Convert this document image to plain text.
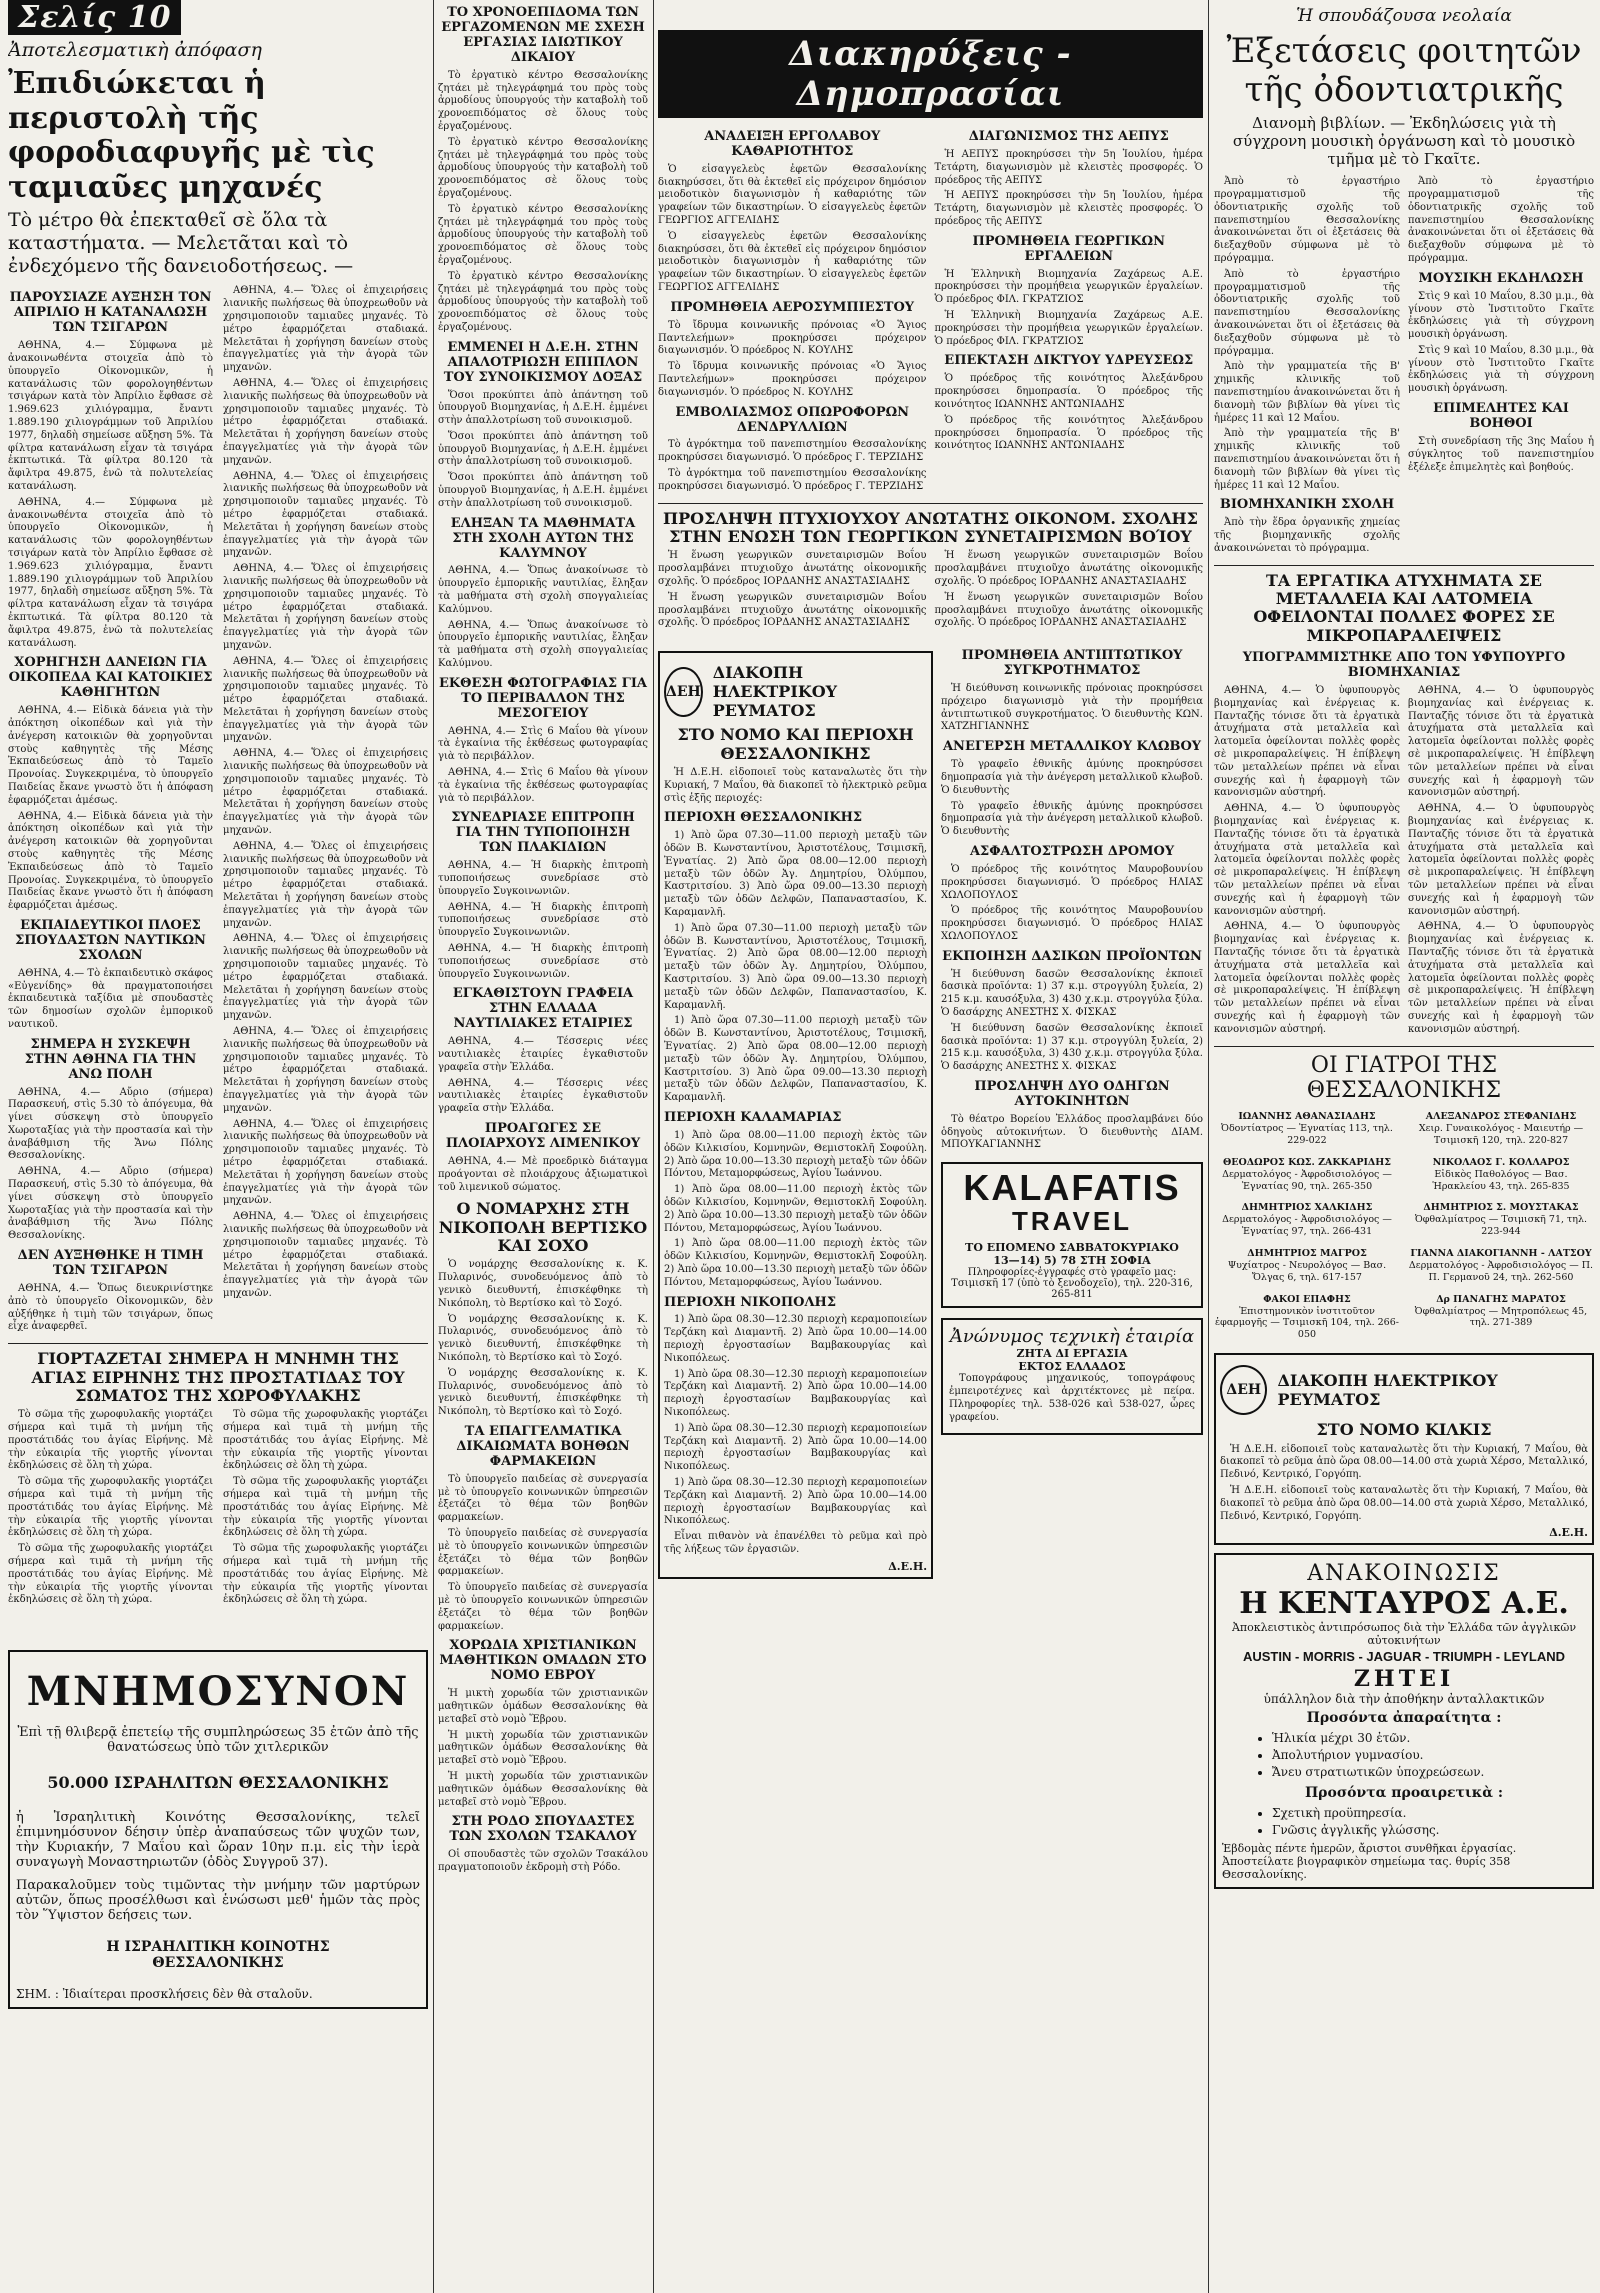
Σελίς 10
Ἀποτελεσματικὴ ἀπόφαση
Ἐπιδιώκεται ἡ περιστολὴ τῆς φοροδιαφυγῆς μὲ τὶς ταμιαῦες μηχανές
Τὸ μέτρο θὰ ἐπεκταθεῖ σὲ ὅλα τὰ καταστήματα. — Μελετᾶται καὶ τὸ ἐνδεχόμενο τῆς δανειοδοτήσεως. —
ΠΑΡΟΥΣΙΑΖΕ ΑΥΞΗΣΗ ΤΟΝ ΑΠΡΙΛΙΟ Η ΚΑΤΑΝΑΛΩΣΗ ΤΩΝ ΤΣΙΓΑΡΩΝ

ΑΘΗΝΑ, 4.— Σύμφωνα μὲ ἀνακοινωθέντα στοιχεῖα ἀπὸ τὸ ὑπουργεῖο Οἰκονομικῶν, ἡ κατανάλωσις τῶν φορολογηθέντων τσιγάρων κατὰ τὸν Ἀπρίλιο ἔφθασε σὲ 1.969.623 χιλιόγραμμα, ἔναντι 1.889.190 χιλιογράμμων τοῦ Ἀπριλίου 1977, δηλαδὴ σημείωσε αὔξηση 5%. Τὰ φίλτρα κατανάλωση εἶχαν τὰ τσιγάρα ἐκπτωτικά. Τὰ φίλτρα 80.120 τὰ ἄφιλτρα 49.875, ἐνῶ τὰ πολυτελείας κατανάλωση.

ΑΘΗΝΑ, 4.— Σύμφωνα μὲ ἀνακοινωθέντα στοιχεῖα ἀπὸ τὸ ὑπουργεῖο Οἰκονομικῶν, ἡ κατανάλωσις τῶν φορολογηθέντων τσιγάρων κατὰ τὸν Ἀπρίλιο ἔφθασε σὲ 1.969.623 χιλιόγραμμα, ἔναντι 1.889.190 χιλιογράμμων τοῦ Ἀπριλίου 1977, δηλαδὴ σημείωσε αὔξηση 5%. Τὰ φίλτρα κατανάλωση εἶχαν τὰ τσιγάρα ἐκπτωτικά. Τὰ φίλτρα 80.120 τὰ ἄφιλτρα 49.875, ἐνῶ τὰ πολυτελείας κατανάλωση.

ΧΟΡΗΓΗΣΗ ΔΑΝΕΙΩΝ ΓΙΑ ΟΙΚΟΠΕΔΑ ΚΑΙ ΚΑΤΟΙΚΙΕΣ ΚΑΘΗΓΗΤΩΝ

ΑΘΗΝΑ, 4.— Εἰδικὰ δάνεια γιὰ τὴν ἀπόκτηση οἰκοπέδων καὶ γιὰ τὴν ἀνέγερση κατοικιῶν θὰ χορηγοῦνται στοὺς καθηγητὲς τῆς Μέσης Ἐκπαιδεύσεως ἀπὸ τὸ Ταμεῖο Προνοίας. Συγκεκριμένα, τὸ ὑπουργεῖο Παιδείας ἔκανε γνωστὸ ὅτι ἡ ἀπόφαση ἐφαρμόζεται ἀμέσως.

ΑΘΗΝΑ, 4.— Εἰδικὰ δάνεια γιὰ τὴν ἀπόκτηση οἰκοπέδων καὶ γιὰ τὴν ἀνέγερση κατοικιῶν θὰ χορηγοῦνται στοὺς καθηγητὲς τῆς Μέσης Ἐκπαιδεύσεως ἀπὸ τὸ Ταμεῖο Προνοίας. Συγκεκριμένα, τὸ ὑπουργεῖο Παιδείας ἔκανε γνωστὸ ὅτι ἡ ἀπόφαση ἐφαρμόζεται ἀμέσως.

ΕΚΠΑΙΔΕΥΤΙΚΟΙ ΠΛΟΕΣ ΣΠΟΥΔΑΣΤΩΝ ΝΑΥΤΙΚΩΝ ΣΧΟΛΩΝ

ΑΘΗΝΑ, 4.— Τὸ ἐκπαιδευτικὸ σκάφος «Εὐγενίδης» θὰ πραγματοποιήσει ἐκπαιδευτικὰ ταξίδια μὲ σπουδαστὲς τῶν δημοσίων σχολῶν ἐμπορικοῦ ναυτικοῦ.

ΣΗΜΕΡΑ Η ΣΥΣΚΕΨΗ ΣΤΗΝ ΑΘΗΝΑ ΓΙΑ ΤΗΝ ΑΝΩ ΠΟΛΗ

ΑΘΗΝΑ, 4.— Αὔριο (σήμερα) Παρασκευή, στὶς 5.30 τὸ ἀπόγευμα, θὰ γίνει σύσκεψη στὸ ὑπουργεῖο Χωροταξίας γιὰ τὴν προστασία καὶ τὴν ἀναβάθμιση τῆς Ἄνω Πόλης Θεσσαλονίκης.

ΑΘΗΝΑ, 4.— Αὔριο (σήμερα) Παρασκευή, στὶς 5.30 τὸ ἀπόγευμα, θὰ γίνει σύσκεψη στὸ ὑπουργεῖο Χωροταξίας γιὰ τὴν προστασία καὶ τὴν ἀναβάθμιση τῆς Ἄνω Πόλης Θεσσαλονίκης.

ΔΕΝ ΑΥΞΗΘΗΚΕ Η ΤΙΜΗ ΤΩΝ ΤΣΙΓΑΡΩΝ

ΑΘΗΝΑ, 4.— Ὅπως διευκρινίστηκε ἀπὸ τὸ ὑπουργεῖο Οἰκονομικῶν, δὲν αὐξήθηκε ἡ τιμὴ τῶν τσιγάρων, ὅπως εἶχε ἀναφερθεῖ.

ΑΘΗΝΑ, 4.— Ὅλες οἱ ἐπιχειρήσεις λιανικῆς πωλήσεως θὰ ὑποχρεωθοῦν νὰ χρησιμοποιοῦν ταμιαῦες μηχανές. Τὸ μέτρο ἐφαρμόζεται σταδιακά. Μελετᾶται ἡ χορήγηση δανείων στοὺς ἐπαγγελματίες γιὰ τὴν ἀγορὰ τῶν μηχανῶν.

ΑΘΗΝΑ, 4.— Ὅλες οἱ ἐπιχειρήσεις λιανικῆς πωλήσεως θὰ ὑποχρεωθοῦν νὰ χρησιμοποιοῦν ταμιαῦες μηχανές. Τὸ μέτρο ἐφαρμόζεται σταδιακά. Μελετᾶται ἡ χορήγηση δανείων στοὺς ἐπαγγελματίες γιὰ τὴν ἀγορὰ τῶν μηχανῶν.

ΑΘΗΝΑ, 4.— Ὅλες οἱ ἐπιχειρήσεις λιανικῆς πωλήσεως θὰ ὑποχρεωθοῦν νὰ χρησιμοποιοῦν ταμιαῦες μηχανές. Τὸ μέτρο ἐφαρμόζεται σταδιακά. Μελετᾶται ἡ χορήγηση δανείων στοὺς ἐπαγγελματίες γιὰ τὴν ἀγορὰ τῶν μηχανῶν.

ΑΘΗΝΑ, 4.— Ὅλες οἱ ἐπιχειρήσεις λιανικῆς πωλήσεως θὰ ὑποχρεωθοῦν νὰ χρησιμοποιοῦν ταμιαῦες μηχανές. Τὸ μέτρο ἐφαρμόζεται σταδιακά. Μελετᾶται ἡ χορήγηση δανείων στοὺς ἐπαγγελματίες γιὰ τὴν ἀγορὰ τῶν μηχανῶν.

ΑΘΗΝΑ, 4.— Ὅλες οἱ ἐπιχειρήσεις λιανικῆς πωλήσεως θὰ ὑποχρεωθοῦν νὰ χρησιμοποιοῦν ταμιαῦες μηχανές. Τὸ μέτρο ἐφαρμόζεται σταδιακά. Μελετᾶται ἡ χορήγηση δανείων στοὺς ἐπαγγελματίες γιὰ τὴν ἀγορὰ τῶν μηχανῶν.

ΑΘΗΝΑ, 4.— Ὅλες οἱ ἐπιχειρήσεις λιανικῆς πωλήσεως θὰ ὑποχρεωθοῦν νὰ χρησιμοποιοῦν ταμιαῦες μηχανές. Τὸ μέτρο ἐφαρμόζεται σταδιακά. Μελετᾶται ἡ χορήγηση δανείων στοὺς ἐπαγγελματίες γιὰ τὴν ἀγορὰ τῶν μηχανῶν.

ΑΘΗΝΑ, 4.— Ὅλες οἱ ἐπιχειρήσεις λιανικῆς πωλήσεως θὰ ὑποχρεωθοῦν νὰ χρησιμοποιοῦν ταμιαῦες μηχανές. Τὸ μέτρο ἐφαρμόζεται σταδιακά. Μελετᾶται ἡ χορήγηση δανείων στοὺς ἐπαγγελματίες γιὰ τὴν ἀγορὰ τῶν μηχανῶν.

ΑΘΗΝΑ, 4.— Ὅλες οἱ ἐπιχειρήσεις λιανικῆς πωλήσεως θὰ ὑποχρεωθοῦν νὰ χρησιμοποιοῦν ταμιαῦες μηχανές. Τὸ μέτρο ἐφαρμόζεται σταδιακά. Μελετᾶται ἡ χορήγηση δανείων στοὺς ἐπαγγελματίες γιὰ τὴν ἀγορὰ τῶν μηχανῶν.

ΑΘΗΝΑ, 4.— Ὅλες οἱ ἐπιχειρήσεις λιανικῆς πωλήσεως θὰ ὑποχρεωθοῦν νὰ χρησιμοποιοῦν ταμιαῦες μηχανές. Τὸ μέτρο ἐφαρμόζεται σταδιακά. Μελετᾶται ἡ χορήγηση δανείων στοὺς ἐπαγγελματίες γιὰ τὴν ἀγορὰ τῶν μηχανῶν.

ΑΘΗΝΑ, 4.— Ὅλες οἱ ἐπιχειρήσεις λιανικῆς πωλήσεως θὰ ὑποχρεωθοῦν νὰ χρησιμοποιοῦν ταμιαῦες μηχανές. Τὸ μέτρο ἐφαρμόζεται σταδιακά. Μελετᾶται ἡ χορήγηση δανείων στοὺς ἐπαγγελματίες γιὰ τὴν ἀγορὰ τῶν μηχανῶν.

ΑΘΗΝΑ, 4.— Ὅλες οἱ ἐπιχειρήσεις λιανικῆς πωλήσεως θὰ ὑποχρεωθοῦν νὰ χρησιμοποιοῦν ταμιαῦες μηχανές. Τὸ μέτρο ἐφαρμόζεται σταδιακά. Μελετᾶται ἡ χορήγηση δανείων στοὺς ἐπαγγελματίες γιὰ τὴν ἀγορὰ τῶν μηχανῶν.

ΓΙΟΡΤΑΖΕΤΑΙ ΣΗΜΕΡΑ Η ΜΝΗΜΗ ΤΗΣ ΑΓΙΑΣ ΕΙΡΗΝΗΣ ΤΗΣ ΠΡΟΣΤΑΤΙΔΑΣ ΤΟΥ ΣΩΜΑΤΟΣ ΤΗΣ ΧΩΡΟΦΥΛΑΚΗΣ

Τὸ σῶμα τῆς χωροφυλακῆς γιορτάζει σήμερα καὶ τιμᾶ τὴ μνήμη τῆς προστάτιδάς του ἁγίας Εἰρήνης. Μὲ τὴν εὐκαιρία τῆς γιορτῆς γίνονται ἐκδηλώσεις σὲ ὅλη τὴ χώρα.

Τὸ σῶμα τῆς χωροφυλακῆς γιορτάζει σήμερα καὶ τιμᾶ τὴ μνήμη τῆς προστάτιδάς του ἁγίας Εἰρήνης. Μὲ τὴν εὐκαιρία τῆς γιορτῆς γίνονται ἐκδηλώσεις σὲ ὅλη τὴ χώρα.

Τὸ σῶμα τῆς χωροφυλακῆς γιορτάζει σήμερα καὶ τιμᾶ τὴ μνήμη τῆς προστάτιδάς του ἁγίας Εἰρήνης. Μὲ τὴν εὐκαιρία τῆς γιορτῆς γίνονται ἐκδηλώσεις σὲ ὅλη τὴ χώρα.

Τὸ σῶμα τῆς χωροφυλακῆς γιορτάζει σήμερα καὶ τιμᾶ τὴ μνήμη τῆς προστάτιδάς του ἁγίας Εἰρήνης. Μὲ τὴν εὐκαιρία τῆς γιορτῆς γίνονται ἐκδηλώσεις σὲ ὅλη τὴ χώρα.

Τὸ σῶμα τῆς χωροφυλακῆς γιορτάζει σήμερα καὶ τιμᾶ τὴ μνήμη τῆς προστάτιδάς του ἁγίας Εἰρήνης. Μὲ τὴν εὐκαιρία τῆς γιορτῆς γίνονται ἐκδηλώσεις σὲ ὅλη τὴ χώρα.

Τὸ σῶμα τῆς χωροφυλακῆς γιορτάζει σήμερα καὶ τιμᾶ τὴ μνήμη τῆς προστάτιδάς του ἁγίας Εἰρήνης. Μὲ τὴν εὐκαιρία τῆς γιορτῆς γίνονται ἐκδηλώσεις σὲ ὅλη τὴ χώρα.

ΜΝΗΜΟΣΥΝΟΝ
Ἐπὶ τῇ θλιβερᾷ ἐπετείῳ τῆς συμπληρώσεως 35 ἐτῶν ἀπὸ τῆς θανατώσεως ὑπὸ τῶν χιτλερικῶν
50.000 ΙΣΡΑΗΛΙΤΩΝ ΘΕΣΣΑΛΟΝΙΚΗΣ
ἡ Ἰσραηλιτικὴ Κοινότης Θεσσαλονίκης, τελεῖ ἐπιμνημόσυνον δέησιν ὑπὲρ ἀναπαύσεως τῶν ψυχῶν των, τὴν Κυριακήν, 7 Μαΐου καὶ ὥραν 10ην π.μ. εἰς τὴν ἱερὰ συναγωγὴ Μοναστηριωτῶν (ὁδὸς Συγγροῦ 37).
Παρακαλοῦμεν τοὺς τιμῶντας τὴν μνήμην τῶν μαρτύρων αὐτῶν, ὅπως προσέλθωσι καὶ ἑνώσωσι μεθ' ἡμῶν τὰς πρὸς τὸν Ὕψιστον δεήσεις των.
Η ΙΣΡΑΗΛΙΤΙΚΗ ΚΟΙΝΟΤΗΣ ΘΕΣΣΑΛΟΝΙΚΗΣ
ΣΗΜ. : Ἰδιαίτεραι προσκλήσεις δὲν θὰ σταλοῦν.
ΤΟ ΧΡΟΝΟΕΠΙΔΟΜΑ ΤΩΝ ΕΡΓΑΖΟΜΕΝΩΝ ΜΕ ΣΧΕΣΗ ΕΡΓΑΣΙΑΣ ΙΔΙΩΤΙΚΟΥ ΔΙΚΑΙΟΥ

Τὸ ἐργατικὸ κέντρο Θεσσαλονίκης ζητάει μὲ τηλεγράφημά του πρὸς τοὺς ἁρμοδίους ὑπουργούς τὴν καταβολὴ τοῦ χρονοεπιδόματος σὲ ὅλους τοὺς ἐργαζομένους.

Τὸ ἐργατικὸ κέντρο Θεσσαλονίκης ζητάει μὲ τηλεγράφημά του πρὸς τοὺς ἁρμοδίους ὑπουργούς τὴν καταβολὴ τοῦ χρονοεπιδόματος σὲ ὅλους τοὺς ἐργαζομένους.

Τὸ ἐργατικὸ κέντρο Θεσσαλονίκης ζητάει μὲ τηλεγράφημά του πρὸς τοὺς ἁρμοδίους ὑπουργούς τὴν καταβολὴ τοῦ χρονοεπιδόματος σὲ ὅλους τοὺς ἐργαζομένους.

Τὸ ἐργατικὸ κέντρο Θεσσαλονίκης ζητάει μὲ τηλεγράφημά του πρὸς τοὺς ἁρμοδίους ὑπουργούς τὴν καταβολὴ τοῦ χρονοεπιδόματος σὲ ὅλους τοὺς ἐργαζομένους.

ΕΜΜΕΝΕΙ Η Δ.Ε.Η. ΣΤΗΝ ΑΠΑΛΟΤΡΙΩΣΗ ΕΠΙΠΛΟΝ ΤΟΥ ΣΥΝΟΙΚΙΣΜΟΥ ΔΟΞΑΣ

Ὅσοι προκύπτει ἀπὸ ἀπάντηση τοῦ ὑπουργοῦ Βιομηχανίας, ἡ Δ.Ε.Η. ἐμμένει στὴν ἀπαλλοτρίωση τοῦ συνοικισμοῦ.

Ὅσοι προκύπτει ἀπὸ ἀπάντηση τοῦ ὑπουργοῦ Βιομηχανίας, ἡ Δ.Ε.Η. ἐμμένει στὴν ἀπαλλοτρίωση τοῦ συνοικισμοῦ.

Ὅσοι προκύπτει ἀπὸ ἀπάντηση τοῦ ὑπουργοῦ Βιομηχανίας, ἡ Δ.Ε.Η. ἐμμένει στὴν ἀπαλλοτρίωση τοῦ συνοικισμοῦ.

ΕΛΗΞΑΝ ΤΑ ΜΑΘΗΜΑΤΑ ΣΤΗ ΣΧΟΛΗ ΑΥΤΩΝ ΤΗΣ ΚΑΛΥΜΝΟΥ

ΑΘΗΝΑ, 4.— Ὅπως ἀνακοίνωσε τὸ ὑπουργεῖο ἐμπορικῆς ναυτιλίας, ἔληξαν τὰ μαθήματα στὴ σχολὴ σπογγαλιείας Καλύμνου.

ΑΘΗΝΑ, 4.— Ὅπως ἀνακοίνωσε τὸ ὑπουργεῖο ἐμπορικῆς ναυτιλίας, ἔληξαν τὰ μαθήματα στὴ σχολὴ σπογγαλιείας Καλύμνου.

ΕΚΘΕΣΗ ΦΩΤΟΓΡΑΦΙΑΣ ΓΙΑ ΤΟ ΠΕΡΙΒΑΛΛΟΝ ΤΗΣ ΜΕΣΟΓΕΙΟΥ

ΑΘΗΝΑ, 4.— Στὶς 6 Μαΐου θὰ γίνουν τὰ ἐγκαίνια τῆς ἐκθέσεως φωτογραφίας γιὰ τὸ περιβάλλον.

ΑΘΗΝΑ, 4.— Στὶς 6 Μαΐου θὰ γίνουν τὰ ἐγκαίνια τῆς ἐκθέσεως φωτογραφίας γιὰ τὸ περιβάλλον.

ΣΥΝΕΔΡΙΑΣΕ ΕΠΙΤΡΟΠΗ ΓΙΑ ΤΗΝ ΤΥΠΟΠΟΙΗΣΗ ΤΩΝ ΠΛΑΚΙΔΙΩΝ

ΑΘΗΝΑ, 4.— Ἡ διαρκὴς ἐπιτροπὴ τυποποιήσεως συνεδρίασε στὸ ὑπουργεῖο Συγκοινωνιῶν.

ΑΘΗΝΑ, 4.— Ἡ διαρκὴς ἐπιτροπὴ τυποποιήσεως συνεδρίασε στὸ ὑπουργεῖο Συγκοινωνιῶν.

ΑΘΗΝΑ, 4.— Ἡ διαρκὴς ἐπιτροπὴ τυποποιήσεως συνεδρίασε στὸ ὑπουργεῖο Συγκοινωνιῶν.

ΕΓΚΑΘΙΣΤΟΥΝ ΓΡΑΦΕΙΑ ΣΤΗΝ ΕΛΛΑΔΑ ΝΑΥΤΙΛΙΑΚΕΣ ΕΤΑΙΡΙΕΣ

ΑΘΗΝΑ, 4.— Τέσσερις νέες ναυτιλιακὲς ἑταιρίες ἐγκαθιστοῦν γραφεῖα στὴν Ἑλλάδα.

ΑΘΗΝΑ, 4.— Τέσσερις νέες ναυτιλιακὲς ἑταιρίες ἐγκαθιστοῦν γραφεῖα στὴν Ἑλλάδα.

ΠΡΟΑΓΩΓΕΣ ΣΕ ΠΛΟΙΑΡΧΟΥΣ ΛΙΜΕΝΙΚΟΥ

ΑΘΗΝΑ, 4.— Μὲ προεδρικὸ διάταγμα προάγονται σὲ πλοιάρχους ἀξιωματικοὶ τοῦ λιμενικοῦ σώματος.

Ο ΝΟΜΑΡΧΗΣ ΣΤΗ ΝΙΚΟΠΟΛΗ ΒΕΡΤΙΣΚΟ ΚΑΙ ΣΟΧΟ

Ὁ νομάρχης Θεσσαλονίκης κ. Κ. Πυλαρινός, συνοδευόμενος ἀπὸ τὸ γενικὸ διευθυντή, ἐπισκέφθηκε τὴ Νικόπολη, τὸ Βερτίσκο καὶ τὸ Σοχό.

Ὁ νομάρχης Θεσσαλονίκης κ. Κ. Πυλαρινός, συνοδευόμενος ἀπὸ τὸ γενικὸ διευθυντή, ἐπισκέφθηκε τὴ Νικόπολη, τὸ Βερτίσκο καὶ τὸ Σοχό.

Ὁ νομάρχης Θεσσαλονίκης κ. Κ. Πυλαρινός, συνοδευόμενος ἀπὸ τὸ γενικὸ διευθυντή, ἐπισκέφθηκε τὴ Νικόπολη, τὸ Βερτίσκο καὶ τὸ Σοχό.

ΤΑ ΕΠΑΓΓΕΛΜΑΤΙΚΑ ΔΙΚΑΙΩΜΑΤΑ ΒΟΗΘΩΝ ΦΑΡΜΑΚΕΙΩΝ

Τὸ ὑπουργεῖο παιδείας σὲ συνεργασία μὲ τὸ ὑπουργεῖο κοινωνικῶν ὑπηρεσιῶν ἐξετάζει τὸ θέμα τῶν βοηθῶν φαρμακείων.

Τὸ ὑπουργεῖο παιδείας σὲ συνεργασία μὲ τὸ ὑπουργεῖο κοινωνικῶν ὑπηρεσιῶν ἐξετάζει τὸ θέμα τῶν βοηθῶν φαρμακείων.

Τὸ ὑπουργεῖο παιδείας σὲ συνεργασία μὲ τὸ ὑπουργεῖο κοινωνικῶν ὑπηρεσιῶν ἐξετάζει τὸ θέμα τῶν βοηθῶν φαρμακείων.

ΧΟΡΩΔΙΑ ΧΡΙΣΤΙΑΝΙΚΩΝ ΜΑΘΗΤΙΚΩΝ ΟΜΑΔΩΝ ΣΤΟ ΝΟΜΟ ΕΒΡΟΥ

Ἡ μικτὴ χορωδία τῶν χριστιανικῶν μαθητικῶν ὁμάδων Θεσσαλονίκης θὰ μεταβεῖ στὸ νομὸ Ἕβρου.

Ἡ μικτὴ χορωδία τῶν χριστιανικῶν μαθητικῶν ὁμάδων Θεσσαλονίκης θὰ μεταβεῖ στὸ νομὸ Ἕβρου.

Ἡ μικτὴ χορωδία τῶν χριστιανικῶν μαθητικῶν ὁμάδων Θεσσαλονίκης θὰ μεταβεῖ στὸ νομὸ Ἕβρου.

ΣΤΗ ΡΟΔΟ ΣΠΟΥΔΑΣΤΕΣ ΤΩΝ ΣΧΟΛΩΝ ΤΣΑΚΑΛΟΥ

Οἱ σπουδαστὲς τῶν σχολῶν Τσακάλου πραγματοποιοῦν ἐκδρομὴ στὴ Ρόδο.

Διακηρύξεις - Δημοπρασίαι
ΑΝΑΔΕΙΞΗ ΕΡΓΟΛΑΒΟΥ ΚΑΘΑΡΙΟΤΗΤΟΣ

Ὁ εἰσαγγελεὺς ἐφετῶν Θεσσαλονίκης διακηρύσσει, ὅτι θὰ ἐκτεθεῖ εἰς πρόχειρον δημόσιον μειοδοτικὸν διαγωνισμὸν ἡ καθαριότης τῶν γραφείων τῶν δικαστηρίων. Ὁ εἰσαγγελεὺς ἐφετῶν ΓΕΩΡΓΙΟΣ ΑΓΓΕΛΙΔΗΣ

Ὁ εἰσαγγελεὺς ἐφετῶν Θεσσαλονίκης διακηρύσσει, ὅτι θὰ ἐκτεθεῖ εἰς πρόχειρον δημόσιον μειοδοτικὸν διαγωνισμὸν ἡ καθαριότης τῶν γραφείων τῶν δικαστηρίων. Ὁ εἰσαγγελεὺς ἐφετῶν ΓΕΩΡΓΙΟΣ ΑΓΓΕΛΙΔΗΣ

ΠΡΟΜΗΘΕΙΑ ΑΕΡΟΣΥΜΠΙΕΣΤΟΥ

Τὸ ἴδρυμα κοινωνικῆς πρόνοιας «Ὁ Ἅγιος Παντελεήμων» προκηρύσσει πρόχειρον διαγωνισμόν. Ὁ πρόεδρος Ν. ΚΟΥΛΗΣ

Τὸ ἴδρυμα κοινωνικῆς πρόνοιας «Ὁ Ἅγιος Παντελεήμων» προκηρύσσει πρόχειρον διαγωνισμόν. Ὁ πρόεδρος Ν. ΚΟΥΛΗΣ

ΕΜΒΟΛΙΑΣΜΟΣ ΟΠΩΡΟΦΟΡΩΝ ΔΕΝΔΡΥΛΛΙΩΝ

Τὸ ἀγρόκτημα τοῦ πανεπιστημίου Θεσσαλονίκης προκηρύσσει διαγωνισμό. Ὁ πρόεδρος Γ. ΤΕΡΖΙΔΗΣ

Τὸ ἀγρόκτημα τοῦ πανεπιστημίου Θεσσαλονίκης προκηρύσσει διαγωνισμό. Ὁ πρόεδρος Γ. ΤΕΡΖΙΔΗΣ

ΔΙΑΓΩΝΙΣΜΟΣ ΤΗΣ ΑΕΠΥΣ

Ἡ ΑΕΠΥΣ προκηρύσσει τὴν 5η Ἰουλίου, ἡμέρα Τετάρτη, διαγωνισμὸν μὲ κλειστὲς προσφορές. Ὁ πρόεδρος τῆς ΑΕΠΥΣ

Ἡ ΑΕΠΥΣ προκηρύσσει τὴν 5η Ἰουλίου, ἡμέρα Τετάρτη, διαγωνισμὸν μὲ κλειστὲς προσφορές. Ὁ πρόεδρος τῆς ΑΕΠΥΣ

ΠΡΟΜΗΘΕΙΑ ΓΕΩΡΓΙΚΩΝ ΕΡΓΑΛΕΙΩΝ

Ἡ Ἑλληνικὴ Βιομηχανία Ζαχάρεως Α.Ε. προκηρύσσει τὴν προμήθεια γεωργικῶν ἐργαλείων. Ὁ πρόεδρος ΦΙΛ. ΓΚΡΑΤΖΙΟΣ

Ἡ Ἑλληνικὴ Βιομηχανία Ζαχάρεως Α.Ε. προκηρύσσει τὴν προμήθεια γεωργικῶν ἐργαλείων. Ὁ πρόεδρος ΦΙΛ. ΓΚΡΑΤΖΙΟΣ

ΕΠΕΚΤΑΣΗ ΔΙΚΤΥΟΥ ΥΔΡΕΥΣΕΩΣ

Ὁ πρόεδρος τῆς κοινότητος Ἀλεξάνδρου προκηρύσσει δημοπρασία. Ὁ πρόεδρος τῆς κοινότητος ΙΩΑΝΝΗΣ ΑΝΤΩΝΙΑΔΗΣ

Ὁ πρόεδρος τῆς κοινότητος Ἀλεξάνδρου προκηρύσσει δημοπρασία. Ὁ πρόεδρος τῆς κοινότητος ΙΩΑΝΝΗΣ ΑΝΤΩΝΙΑΔΗΣ

ΠΡΟΣΛΗΨΗ ΠΤΥΧΙΟΥΧΟΥ ΑΝΩΤΑΤΗΣ ΟΙΚΟΝΟΜ. ΣΧΟΛΗΣ ΣΤΗΝ ΕΝΩΣΗ ΤΩΝ ΓΕΩΡΓΙΚΩΝ ΣΥΝΕΤΑΙΡΙΣΜΩΝ ΒΟΊΟΥ

Ἡ ἕνωση γεωργικῶν συνεταιρισμῶν Βοΐου προσλαμβάνει πτυχιοῦχο ἀνωτάτης οἰκονομικῆς σχολῆς. Ὁ πρόεδρος ΙΟΡΔΑΝΗΣ ΑΝΑΣΤΑΣΙΑΔΗΣ

Ἡ ἕνωση γεωργικῶν συνεταιρισμῶν Βοΐου προσλαμβάνει πτυχιοῦχο ἀνωτάτης οἰκονομικῆς σχολῆς. Ὁ πρόεδρος ΙΟΡΔΑΝΗΣ ΑΝΑΣΤΑΣΙΑΔΗΣ

Ἡ ἕνωση γεωργικῶν συνεταιρισμῶν Βοΐου προσλαμβάνει πτυχιοῦχο ἀνωτάτης οἰκονομικῆς σχολῆς. Ὁ πρόεδρος ΙΟΡΔΑΝΗΣ ΑΝΑΣΤΑΣΙΑΔΗΣ

Ἡ ἕνωση γεωργικῶν συνεταιρισμῶν Βοΐου προσλαμβάνει πτυχιοῦχο ἀνωτάτης οἰκονομικῆς σχολῆς. Ὁ πρόεδρος ΙΟΡΔΑΝΗΣ ΑΝΑΣΤΑΣΙΑΔΗΣ

ΔΕΗ
ΔΙΑΚΟΠΗ ΗΛΕΚΤΡΙΚΟΥ ΡΕΥΜΑΤΟΣ
ΣΤΟ ΝΟΜΟ ΚΑΙ ΠΕΡΙΟΧΗ ΘΕΣΣΑΛΟΝΙΚΗΣ

Ἡ Δ.Ε.Η. εἰδοποιεῖ τοὺς καταναλωτὲς ὅτι τὴν Κυριακή, 7 Μαΐου, θὰ διακοπεῖ τὸ ἠλεκτρικὸ ρεῦμα στὶς ἑξῆς περιοχές:

ΠΕΡΙΟΧΗ ΘΕΣΣΑΛΟΝΙΚΗΣ

1) Ἀπὸ ὥρα 07.30—11.00 περιοχὴ μεταξὺ τῶν ὁδῶν Β. Κωνσταντίνου, Ἀριστοτέλους, Τσιμισκῆ, Ἐγνατίας. 2) Ἀπὸ ὥρα 08.00—12.00 περιοχὴ μεταξὺ τῶν ὁδῶν Ἀγ. Δημητρίου, Ὀλύμπου, Καστριτσίου. 3) Ἀπὸ ὥρα 09.00—13.30 περιοχὴ μεταξὺ τῶν ὁδῶν Δελφῶν, Παπαναστασίου, Κ. Καραμανλῆ.

1) Ἀπὸ ὥρα 07.30—11.00 περιοχὴ μεταξὺ τῶν ὁδῶν Β. Κωνσταντίνου, Ἀριστοτέλους, Τσιμισκῆ, Ἐγνατίας. 2) Ἀπὸ ὥρα 08.00—12.00 περιοχὴ μεταξὺ τῶν ὁδῶν Ἀγ. Δημητρίου, Ὀλύμπου, Καστριτσίου. 3) Ἀπὸ ὥρα 09.00—13.30 περιοχὴ μεταξὺ τῶν ὁδῶν Δελφῶν, Παπαναστασίου, Κ. Καραμανλῆ.

1) Ἀπὸ ὥρα 07.30—11.00 περιοχὴ μεταξὺ τῶν ὁδῶν Β. Κωνσταντίνου, Ἀριστοτέλους, Τσιμισκῆ, Ἐγνατίας. 2) Ἀπὸ ὥρα 08.00—12.00 περιοχὴ μεταξὺ τῶν ὁδῶν Ἀγ. Δημητρίου, Ὀλύμπου, Καστριτσίου. 3) Ἀπὸ ὥρα 09.00—13.30 περιοχὴ μεταξὺ τῶν ὁδῶν Δελφῶν, Παπαναστασίου, Κ. Καραμανλῆ.

ΠΕΡΙΟΧΗ ΚΑΛΑΜΑΡΙΑΣ

1) Ἀπὸ ὥρα 08.00—11.00 περιοχὴ ἐκτὸς τῶν ὁδῶν Κιλκισίου, Κομνηνῶν, Θεμιστοκλῆ Σοφούλη. 2) Ἀπὸ ὥρα 10.00—13.30 περιοχὴ μεταξὺ τῶν ὁδῶν Πόντου, Μεταμορφώσεως, Ἀγίου Ἰωάννου.

1) Ἀπὸ ὥρα 08.00—11.00 περιοχὴ ἐκτὸς τῶν ὁδῶν Κιλκισίου, Κομνηνῶν, Θεμιστοκλῆ Σοφούλη. 2) Ἀπὸ ὥρα 10.00—13.30 περιοχὴ μεταξὺ τῶν ὁδῶν Πόντου, Μεταμορφώσεως, Ἀγίου Ἰωάννου.

1) Ἀπὸ ὥρα 08.00—11.00 περιοχὴ ἐκτὸς τῶν ὁδῶν Κιλκισίου, Κομνηνῶν, Θεμιστοκλῆ Σοφούλη. 2) Ἀπὸ ὥρα 10.00—13.30 περιοχὴ μεταξὺ τῶν ὁδῶν Πόντου, Μεταμορφώσεως, Ἀγίου Ἰωάννου.

ΠΕΡΙΟΧΗ ΝΙΚΟΠΟΛΗΣ

1) Ἀπὸ ὥρα 08.30—12.30 περιοχὴ κεραμοποιείων Τερζάκη καὶ Διαμαντῆ. 2) Ἀπὸ ὥρα 10.00—14.00 περιοχὴ ἐργοστασίων Βαμβακουργίας καὶ Νικοπόλεως.

1) Ἀπὸ ὥρα 08.30—12.30 περιοχὴ κεραμοποιείων Τερζάκη καὶ Διαμαντῆ. 2) Ἀπὸ ὥρα 10.00—14.00 περιοχὴ ἐργοστασίων Βαμβακουργίας καὶ Νικοπόλεως.

1) Ἀπὸ ὥρα 08.30—12.30 περιοχὴ κεραμοποιείων Τερζάκη καὶ Διαμαντῆ. 2) Ἀπὸ ὥρα 10.00—14.00 περιοχὴ ἐργοστασίων Βαμβακουργίας καὶ Νικοπόλεως.

1) Ἀπὸ ὥρα 08.30—12.30 περιοχὴ κεραμοποιείων Τερζάκη καὶ Διαμαντῆ. 2) Ἀπὸ ὥρα 10.00—14.00 περιοχὴ ἐργοστασίων Βαμβακουργίας καὶ Νικοπόλεως.

Εἶναι πιθανὸν νὰ ἐπανέλθει τὸ ρεῦμα καὶ πρὸ τῆς λήξεως τῶν ἐργασιῶν.

Δ.Ε.Η.
ΠΡΟΜΗΘΕΙΑ ΑΝΤΙΠΤΩΤΙΚΟΥ ΣΥΓΚΡΟΤΗΜΑΤΟΣ

Ἡ διεύθυνση κοινωνικῆς πρόνοιας προκηρύσσει πρόχειρο διαγωνισμὸ γιὰ τὴν προμήθεια ἀντιπτωτικοῦ συγκροτήματος. Ὁ διευθυντὴς ΚΩΝ. ΧΑΤΖΗΓΙΑΝΝΗΣ

ΑΝΕΓΕΡΣΗ ΜΕΤΑΛΛΙΚΟΥ ΚΛΩΒΟΥ

Τὸ γραφεῖο ἐθνικῆς ἀμύνης προκηρύσσει δημοπρασία γιὰ τὴν ἀνέγερση μεταλλικοῦ κλωβοῦ. Ὁ διευθυντὴς

Τὸ γραφεῖο ἐθνικῆς ἀμύνης προκηρύσσει δημοπρασία γιὰ τὴν ἀνέγερση μεταλλικοῦ κλωβοῦ. Ὁ διευθυντὴς

ΑΣΦΑΛΤΟΣΤΡΩΣΗ ΔΡΟΜΟΥ

Ὁ πρόεδρος τῆς κοινότητος Μαυροβουνίου προκηρύσσει διαγωνισμό. Ὁ πρόεδρος ΗΛΙΑΣ ΧΩΛΟΠΟΥΛΟΣ

Ὁ πρόεδρος τῆς κοινότητος Μαυροβουνίου προκηρύσσει διαγωνισμό. Ὁ πρόεδρος ΗΛΙΑΣ ΧΩΛΟΠΟΥΛΟΣ

ΕΚΠΟΙΗΣΗ ΔΑΣΙΚΩΝ ΠΡΟΪΟΝΤΩΝ

Ἡ διεύθυνση δασῶν Θεσσαλονίκης ἐκποιεῖ δασικὰ προϊόντα: 1) 37 κ.μ. στρογγύλη ξυλεία, 2) 215 κ.μ. καυσόξυλα, 3) 430 χ.κ.μ. στρογγύλα ξύλα. Ὁ δασάρχης ΑΝΕΣΤΗΣ Χ. ΦΙΣΚΑΣ

Ἡ διεύθυνση δασῶν Θεσσαλονίκης ἐκποιεῖ δασικὰ προϊόντα: 1) 37 κ.μ. στρογγύλη ξυλεία, 2) 215 κ.μ. καυσόξυλα, 3) 430 χ.κ.μ. στρογγύλα ξύλα. Ὁ δασάρχης ΑΝΕΣΤΗΣ Χ. ΦΙΣΚΑΣ

ΠΡΟΣΛΗΨΗ ΔΥΟ ΟΔΗΓΩΝ ΑΥΤΟΚΙΝΗΤΩΝ

Τὸ θέατρο Βορείου Ἑλλάδος προσλαμβάνει δύο ὁδηγοὺς αὐτοκινήτων. Ὁ διευθυντὴς ΔΙΑΜ. ΜΠΟΥΚΑΓΙΑΝΝΗΣ

KALAFATIS
TRAVEL
ΤΟ ΕΠΟΜΕΝΟ ΣΑΒΒΑΤΟΚΥΡΙΑΚΟ
13—14) 5) 78 ΣΤΗ ΣΟΦΙΑ
Πληροφορίες-ἐγγραφές στὸ γραφεῖο μας: Τσιμισκῆ 17 (ὑπὸ τὸ ξενοδοχεῖο), τηλ. 220-316, 265-811
Ἀνώνυμος τεχνικὴ ἑταιρία
ΖΗΤΑ ΔΙ ΕΡΓΑΣΙΑ
ΕΚΤΟΣ ΕΛΛΑΔΟΣ

Τοπογράφους μηχανικούς, τοπογράφους ἐμπειροτέχνες καὶ ἀρχιτέκτονες μὲ πείρα. Πληροφορίες τηλ. 538-026 καὶ 538-027, ὧρες γραφείου.

Ἡ σπουδάζουσα νεολαία
Ἐξετάσεις φοιτητῶν τῆς ὀδοντιατρικῆς
Διανομὴ βιβλίων. — Ἐκδηλώσεις γιὰ τὴ σύγχρονη μουσικὴ ὀργάνωση καὶ τὸ μουσικὸ τμῆμα μὲ τὸ Γκαῖτε.

Ἀπὸ τὸ ἐργαστήριο προγραμματισμοῦ τῆς ὀδοντιατρικῆς σχολῆς τοῦ πανεπιστημίου Θεσσαλονίκης ἀνακοινώνεται ὅτι οἱ ἐξετάσεις θὰ διεξαχθοῦν σύμφωνα μὲ τὸ πρόγραμμα.

Ἀπὸ τὸ ἐργαστήριο προγραμματισμοῦ τῆς ὀδοντιατρικῆς σχολῆς τοῦ πανεπιστημίου Θεσσαλονίκης ἀνακοινώνεται ὅτι οἱ ἐξετάσεις θὰ διεξαχθοῦν σύμφωνα μὲ τὸ πρόγραμμα.

Ἀπὸ τὴν γραμματεία τῆς Β' χημικῆς κλινικῆς τοῦ πανεπιστημίου ἀνακοινώνεται ὅτι ἡ διανομὴ τῶν βιβλίων θὰ γίνει τὶς ἡμέρες 11 καὶ 12 Μαΐου.

Ἀπὸ τὴν γραμματεία τῆς Β' χημικῆς κλινικῆς τοῦ πανεπιστημίου ἀνακοινώνεται ὅτι ἡ διανομὴ τῶν βιβλίων θὰ γίνει τὶς ἡμέρες 11 καὶ 12 Μαΐου.

ΒΙΟΜΗΧΑΝΙΚΗ ΣΧΟΛΗ

Ἀπὸ τὴν ἕδρα ὀργανικῆς χημείας τῆς βιομηχανικῆς σχολῆς ἀνακοινώνεται τὸ πρόγραμμα.

Ἀπὸ τὸ ἐργαστήριο προγραμματισμοῦ τῆς ὀδοντιατρικῆς σχολῆς τοῦ πανεπιστημίου Θεσσαλονίκης ἀνακοινώνεται ὅτι οἱ ἐξετάσεις θὰ διεξαχθοῦν σύμφωνα μὲ τὸ πρόγραμμα.

ΜΟΥΣΙΚΗ ΕΚΔΗΛΩΣΗ

Στὶς 9 καὶ 10 Μαΐου, 8.30 μ.μ., θὰ γίνουν στὸ Ἰνστιτοῦτο Γκαῖτε ἐκδηλώσεις γιὰ τὴ σύγχρονη μουσικὴ ὀργάνωση.

Στὶς 9 καὶ 10 Μαΐου, 8.30 μ.μ., θὰ γίνουν στὸ Ἰνστιτοῦτο Γκαῖτε ἐκδηλώσεις γιὰ τὴ σύγχρονη μουσικὴ ὀργάνωση.

ΕΠΙΜΕΛΗΤΕΣ ΚΑΙ ΒΟΗΘΟΙ

Στὴ συνεδρίαση τῆς 3ης Μαΐου ἡ σύγκλητος τοῦ πανεπιστημίου ἐξέλεξε ἐπιμελητὲς καὶ βοηθούς.

ΤΑ ΕΡΓΑΤΙΚΑ ΑΤΥΧΗΜΑΤΑ ΣΕ ΜΕΤΑΛΛΕΙΑ ΚΑΙ ΛΑΤΟΜΕΙΑ ΟΦΕΙΛΟΝΤΑΙ ΠΟΛΛΕΣ ΦΟΡΕΣ ΣΕ ΜΙΚΡΟΠΑΡΑΛΕΙΨΕΙΣ
ΥΠΟΓΡΑΜΜΙΣΤΗΚΕ ΑΠΟ ΤΟΝ ΥΦΥΠΟΥΡΓΟ ΒΙΟΜΗΧΑΝΙΑΣ

ΑΘΗΝΑ, 4.— Ὁ ὑφυπουργὸς βιομηχανίας καὶ ἐνέργειας κ. Πανταζῆς τόνισε ὅτι τὰ ἐργατικὰ ἀτυχήματα στὰ μεταλλεῖα καὶ λατομεῖα ὀφείλονται πολλὲς φορὲς σὲ μικροπαραλείψεις. Ἡ ἐπίβλεψη τῶν μεταλλείων πρέπει νὰ εἶναι συνεχής καὶ ἡ ἐφαρμογὴ τῶν κανονισμῶν αὐστηρή.

ΑΘΗΝΑ, 4.— Ὁ ὑφυπουργὸς βιομηχανίας καὶ ἐνέργειας κ. Πανταζῆς τόνισε ὅτι τὰ ἐργατικὰ ἀτυχήματα στὰ μεταλλεῖα καὶ λατομεῖα ὀφείλονται πολλὲς φορὲς σὲ μικροπαραλείψεις. Ἡ ἐπίβλεψη τῶν μεταλλείων πρέπει νὰ εἶναι συνεχής καὶ ἡ ἐφαρμογὴ τῶν κανονισμῶν αὐστηρή.

ΑΘΗΝΑ, 4.— Ὁ ὑφυπουργὸς βιομηχανίας καὶ ἐνέργειας κ. Πανταζῆς τόνισε ὅτι τὰ ἐργατικὰ ἀτυχήματα στὰ μεταλλεῖα καὶ λατομεῖα ὀφείλονται πολλὲς φορὲς σὲ μικροπαραλείψεις. Ἡ ἐπίβλεψη τῶν μεταλλείων πρέπει νὰ εἶναι συνεχής καὶ ἡ ἐφαρμογὴ τῶν κανονισμῶν αὐστηρή.

ΑΘΗΝΑ, 4.— Ὁ ὑφυπουργὸς βιομηχανίας καὶ ἐνέργειας κ. Πανταζῆς τόνισε ὅτι τὰ ἐργατικὰ ἀτυχήματα στὰ μεταλλεῖα καὶ λατομεῖα ὀφείλονται πολλὲς φορὲς σὲ μικροπαραλείψεις. Ἡ ἐπίβλεψη τῶν μεταλλείων πρέπει νὰ εἶναι συνεχής καὶ ἡ ἐφαρμογὴ τῶν κανονισμῶν αὐστηρή.

ΑΘΗΝΑ, 4.— Ὁ ὑφυπουργὸς βιομηχανίας καὶ ἐνέργειας κ. Πανταζῆς τόνισε ὅτι τὰ ἐργατικὰ ἀτυχήματα στὰ μεταλλεῖα καὶ λατομεῖα ὀφείλονται πολλὲς φορὲς σὲ μικροπαραλείψεις. Ἡ ἐπίβλεψη τῶν μεταλλείων πρέπει νὰ εἶναι συνεχής καὶ ἡ ἐφαρμογὴ τῶν κανονισμῶν αὐστηρή.

ΑΘΗΝΑ, 4.— Ὁ ὑφυπουργὸς βιομηχανίας καὶ ἐνέργειας κ. Πανταζῆς τόνισε ὅτι τὰ ἐργατικὰ ἀτυχήματα στὰ μεταλλεῖα καὶ λατομεῖα ὀφείλονται πολλὲς φορὲς σὲ μικροπαραλείψεις. Ἡ ἐπίβλεψη τῶν μεταλλείων πρέπει νὰ εἶναι συνεχής καὶ ἡ ἐφαρμογὴ τῶν κανονισμῶν αὐστηρή.

ΟΙ ΓΙΑΤΡΟΙ ΤΗΣ ΘΕΣΣΑΛΟΝΙΚΗΣ
ΙΩΑΝΝΗΣ ΑΘΑΝΑΣΙΑΔΗΣ
Ὀδοντίατρος — Ἐγνατίας 113, τηλ. 229-022
ΑΛΕΞΑΝΔΡΟΣ ΣΤΕΦΑΝΙΔΗΣ
Χειρ. Γυναικολόγος - Μαιευτήρ — Τσιμισκῆ 120, τηλ. 220-827
ΘΕΟΔΩΡΟΣ ΚΩΣ. ΖΑΚΚΑΡΙΔΗΣ
Δερματολόγος - Ἀφροδισιολόγος — Ἐγνατίας 90, τηλ. 265-350
ΝΙΚΟΛΑΟΣ Γ. ΚΟΛΛΑΡΟΣ
Εἰδικὸς Παθολόγος — Βασ. Ἡρακλείου 43, τηλ. 265-835
ΔΗΜΗΤΡΙΟΣ ΧΑΛΚΙΔΗΣ
Δερματολόγος - Ἀφροδισιολόγος — Ἐγνατίας 97, τηλ. 266-431
ΔΗΜΗΤΡΙΟΣ Σ. ΜΟΥΣΤΑΚΑΣ
Ὀφθαλμίατρος — Τσιμισκῆ 71, τηλ. 223-944
ΔΗΜΗΤΡΙΟΣ ΜΑΓΡΟΣ
Ψυχίατρος - Νευρολόγος — Βασ. Ὄλγας 6, τηλ. 617-157
ΓΙΑΝΝΑ ΔΙΑΚΟΓΙΑΝΝΗ - ΛΑΤΣΟΥ
Δερματολόγος - Ἀφροδισιολόγος — Π. Π. Γερμανοῦ 24, τηλ. 262-560
ΦΑΚΟΙ ΕΠΑΦΗΣ
Ἐπιστημονικὸν ἰνστιτοῦτον ἐφαρμογῆς — Τσιμισκῆ 104, τηλ. 266-050
Δρ ΠΑΝΑΓΗΣ ΜΑΡΑΤΟΣ
Ὀφθαλμίατρος — Μητροπόλεως 45, τηλ. 271-389
ΔΕΗ	ΔΙΑΚΟΠΗ ΗΛΕΚΤΡΙΚΟΥ ΡΕΥΜΑΤΟΣ
ΣΤΟ ΝΟΜΟ ΚΙΛΚΙΣ

Ἡ Δ.Ε.Η. εἰδοποιεῖ τοὺς καταναλωτὲς ὅτι τὴν Κυριακή, 7 Μαΐου, θὰ διακοπεῖ τὸ ρεῦμα ἀπὸ ὥρα 08.00—14.00 στὰ χωριὰ Χέρσο, Μεταλλικό, Πεδινό, Κεντρικό, Γοργόπη.

Ἡ Δ.Ε.Η. εἰδοποιεῖ τοὺς καταναλωτὲς ὅτι τὴν Κυριακή, 7 Μαΐου, θὰ διακοπεῖ τὸ ρεῦμα ἀπὸ ὥρα 08.00—14.00 στὰ χωριὰ Χέρσο, Μεταλλικό, Πεδινό, Κεντρικό, Γοργόπη.

Δ.Ε.Η.
ΑΝΑΚΟΙΝΩΣΙΣ
Η ΚΕΝΤΑΥΡΟΣ Α.Ε.
Ἀποκλειστικὸς ἀντιπρόσωπος διὰ τὴν Ἑλλάδα τῶν ἀγγλικῶν αὐτοκινήτων
AUSTIN - MORRIS - JAGUAR - TRIUMPH - LEYLAND
ΖΗΤΕΙ
ὑπάλληλον διὰ τὴν ἀποθήκην ἀνταλλακτικῶν
Προσόντα ἀπαραίτητα :
• Ἡλικία μέχρι 30 ἐτῶν.
• Ἀπολυτήριον γυμνασίου.
• Ἄνευ στρατιωτικῶν ὑποχρεώσεων.
Προσόντα προαιρετικὰ :
• Σχετικὴ προϋπηρεσία.
• Γνῶσις ἀγγλικῆς γλώσσης.
Ἑβδομὰς πέντε ἡμερῶν, ἄριστοι συνθῆκαι ἐργασίας. Ἀποστείλατε βιογραφικὸν σημείωμα τας. θυρίς 358 Θεσσαλονίκης.
